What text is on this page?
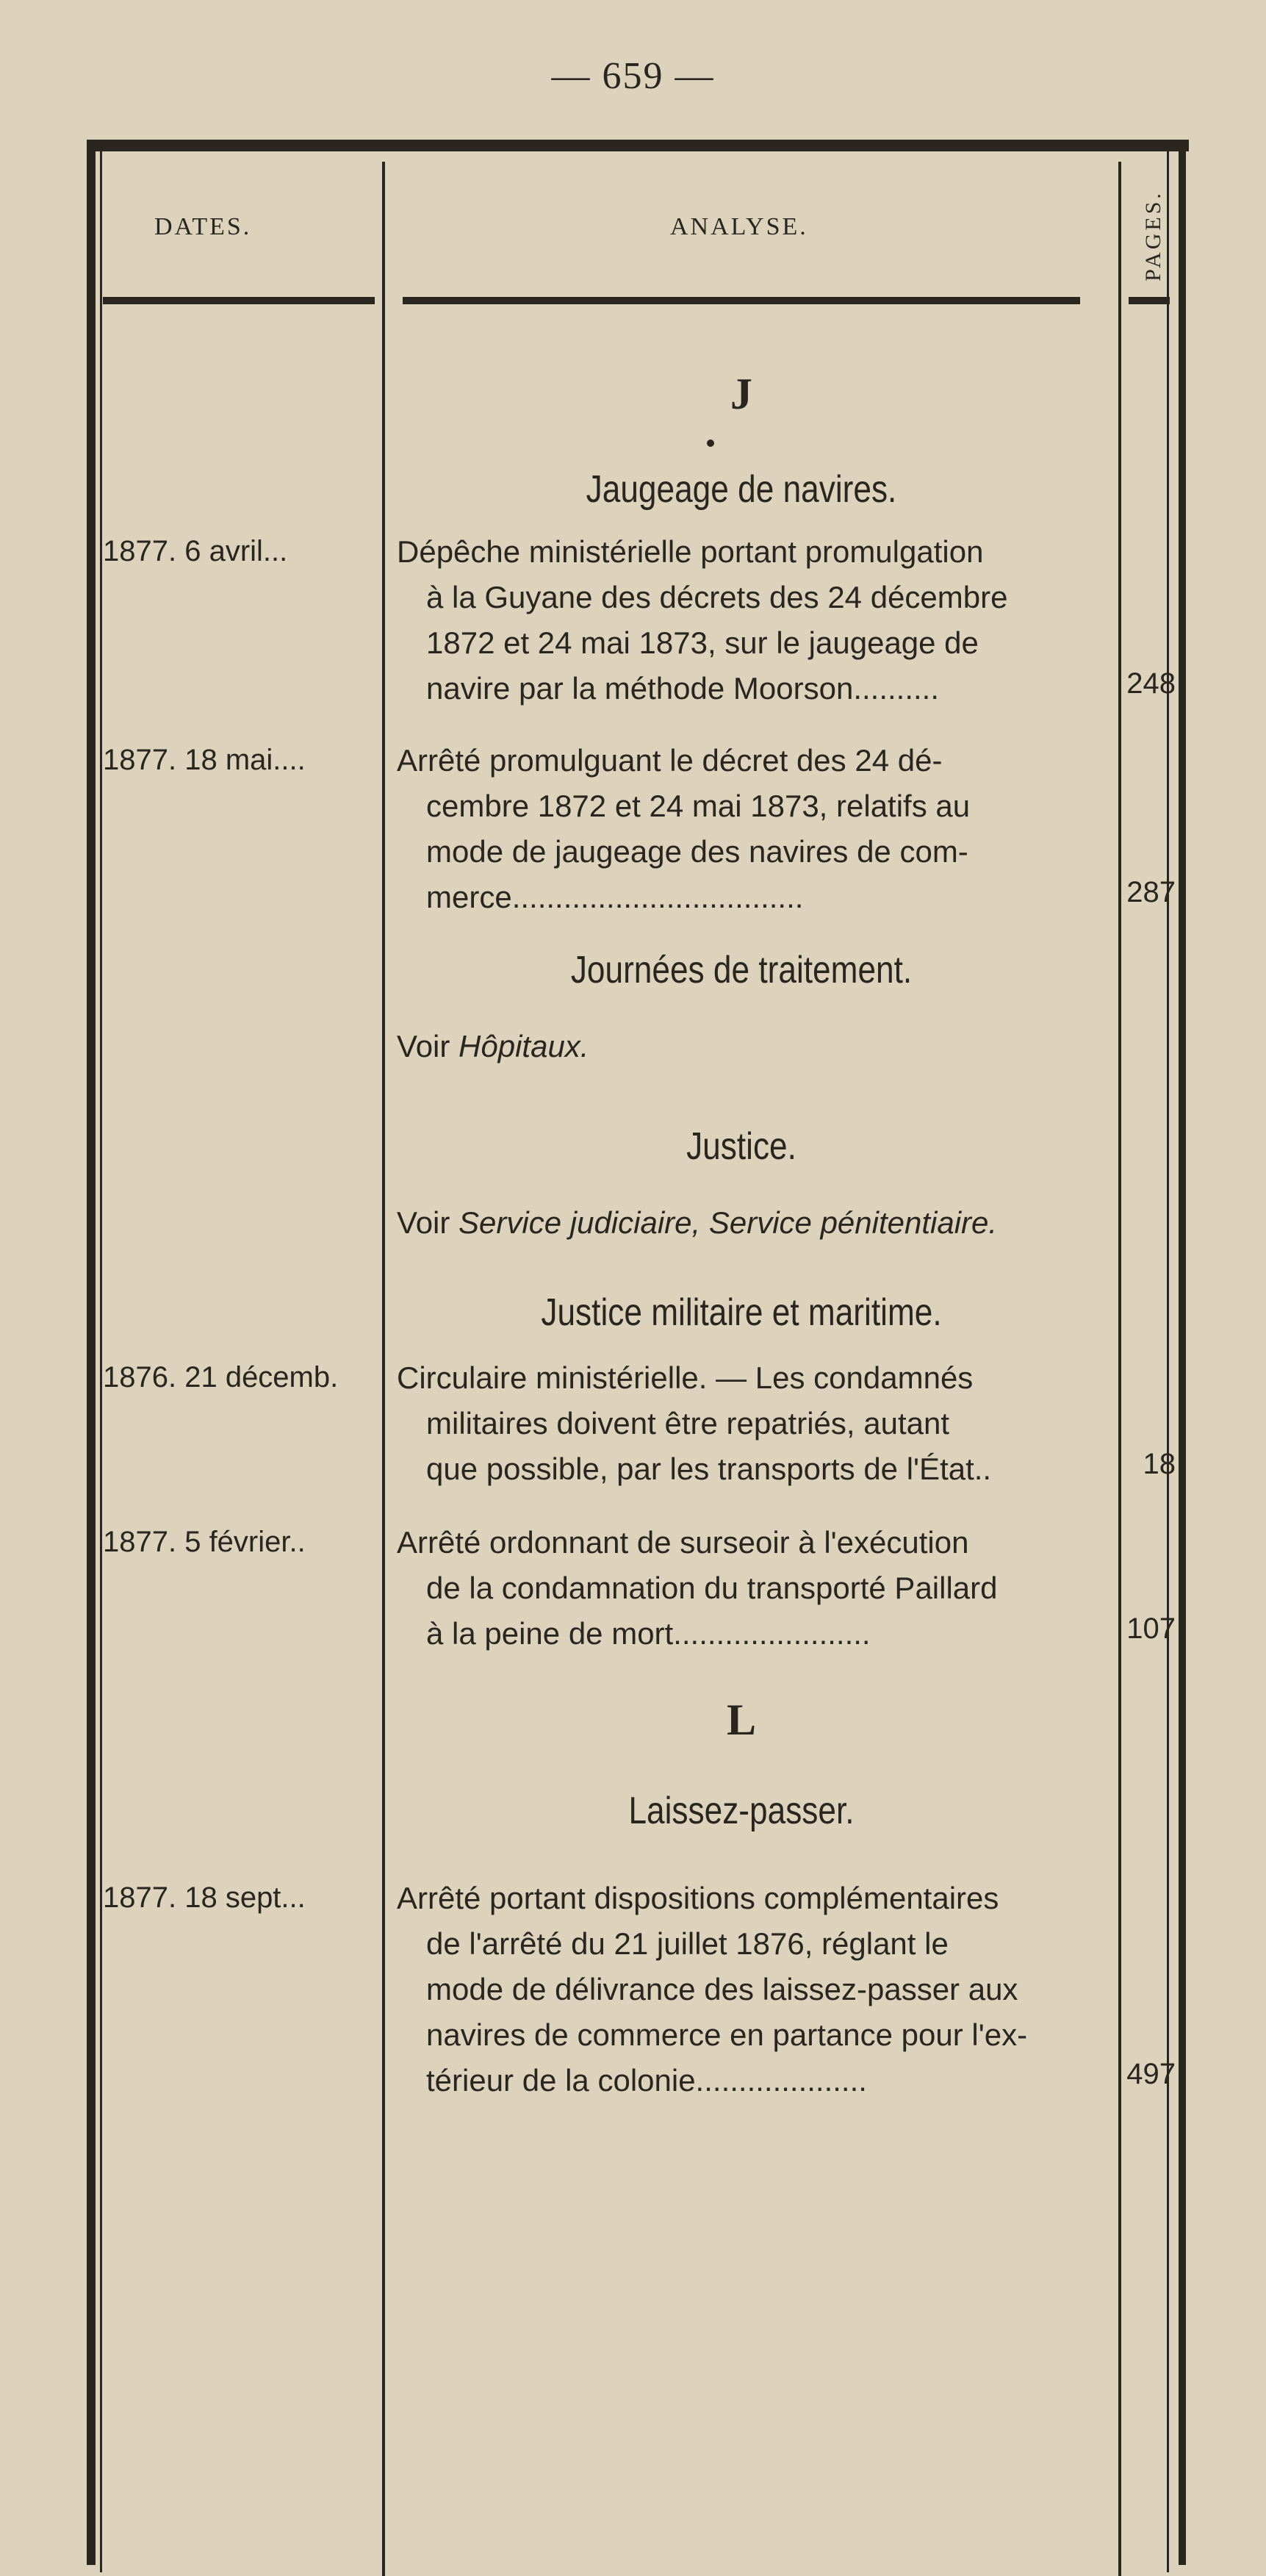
— 659 —
DATES.	ANALYSE.	PAGES.
J
Jaugeage de navires.
1877. 6 avril...	Dépêche ministérielle portant promulgation
à la Guyane des décrets des 24 décembre
1872 et 24 mai 1873, sur le jaugeage de
navire par la méthode Moorson..........	248
1877. 18 mai....	Arrêté promulguant le décret des 24 dé-
cembre 1872 et 24 mai 1873, relatifs au
mode de jaugeage des navires de com-
merce..................................	287
Journées de traitement.
Voir Hôpitaux.
Justice.
Voir Service judiciaire, Service pénitentiaire.
Justice militaire et maritime.
1876. 21 décemb.	Circulaire ministérielle. — Les condamnés
militaires doivent être repatriés, autant
que possible, par les transports de l'État..	18
1877. 5 février..	Arrêté ordonnant de surseoir à l'exécution
de la condamnation du transporté Paillard
à la peine de mort.......................	107
L
Laissez-passer.
1877. 18 sept...	Arrêté portant dispositions complémentaires
de l'arrêté du 21 juillet 1876, réglant le
mode de délivrance des laissez-passer aux
navires de commerce en partance pour l'ex-
térieur de la colonie....................	497
